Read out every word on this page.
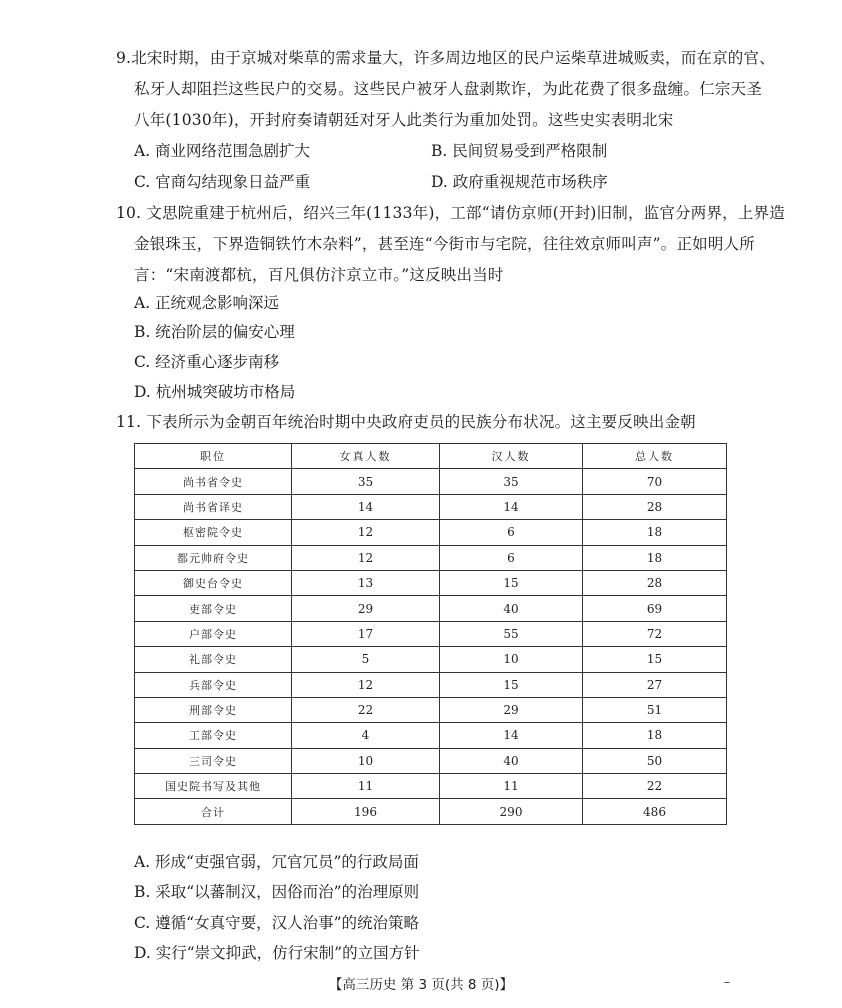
9.北宋时期，由于京城对柴草的需求量大，许多周边地区的民户运柴草进城贩卖，而在京的官、
私牙人却阻拦这些民户的交易。这些民户被牙人盘剥欺诈，为此花费了很多盘缠。仁宗天圣
八年(1030年)，开封府奏请朝廷对牙人此类行为重加处罚。这些史实表明北宋
A. 商业网络范围急剧扩大	B. 民间贸易受到严格限制
C. 官商勾结现象日益严重	D. 政府重视规范市场秩序
10. 文思院重建于杭州后，绍兴三年(1133年)，工部“请仿京师(开封)旧制，监官分两界，上界造
金银珠玉，下界造铜铁竹木杂料”，甚至连“今街市与宅院，往往效京师叫声”。正如明人所
言：“宋南渡都杭，百凡俱仿汴京立市。”这反映出当时
A. 正统观念影响深远
B. 统治阶层的偏安心理
C. 经济重心逐步南移
D. 杭州城突破坊市格局
11. 下表所示为金朝百年统治时期中央政府吏员的民族分布状况。这主要反映出金朝
职位	女真人数	汉人数	总人数
尚书省令史	35	35	70
尚书省译史	14	14	28
枢密院令史	12	6	18
都元帅府令史	12	6	18
御史台令史	13	15	28
吏部令史	29	40	69
户部令史	17	55	72
礼部令史	5	10	15
兵部令史	12	15	27
刑部令史	22	29	51
工部令史	4	14	18
三司令史	10	40	50
国史院书写及其他	11	11	22
合计	196	290	486
A. 形成“吏强官弱，冗官冗员”的行政局面
B. 采取“以蕃制汉，因俗而治”的治理原则
C. 遵循“女真守要，汉人治事”的统治策略
D. 实行“崇文抑武，仿行宋制”的立国方针
【高三历史 第 3 页(共 8 页)】	–
